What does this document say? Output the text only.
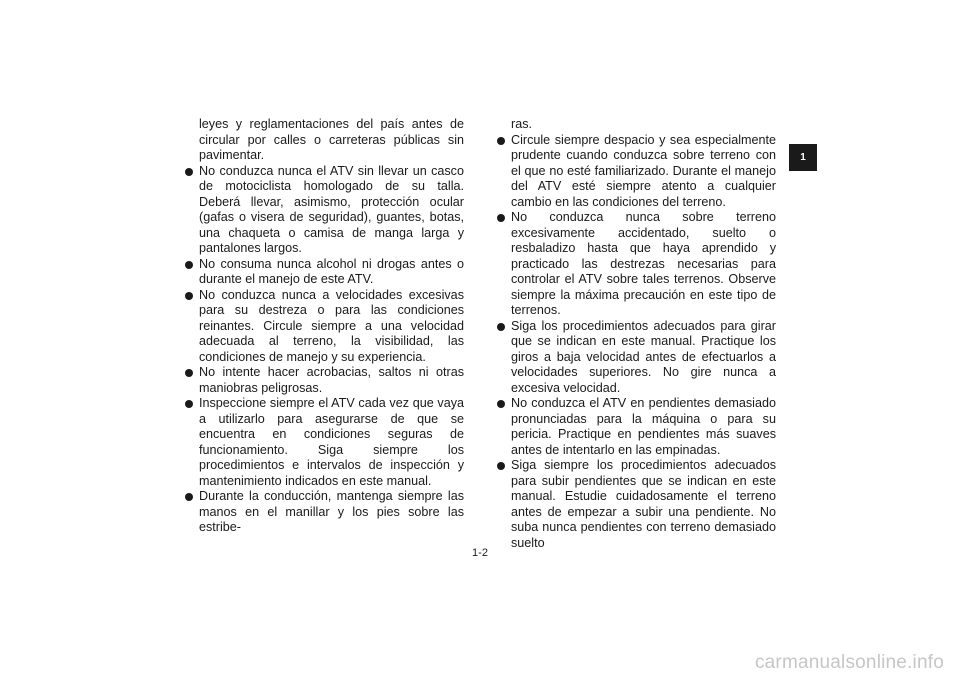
leyes y reglamentaciones del país antes de circular por calles o carreteras públicas sin pavimentar.

No conduzca nunca el ATV sin llevar un casco de motociclista homologado de su talla. Deberá llevar, asimismo, protección ocular (gafas o visera de seguridad), guantes, botas, una chaqueta o camisa de manga larga y pantalones largos.

No consuma nunca alcohol ni drogas antes o durante el manejo de este ATV.

No conduzca nunca a velocidades excesivas para su destreza o para las condiciones reinantes. Circule siempre a una velocidad adecuada al terreno, la visibilidad, las condiciones de manejo y su experiencia.

No intente hacer acrobacias, saltos ni otras maniobras peligrosas.

Inspeccione siempre el ATV cada vez que vaya a utilizarlo para asegurarse de que se encuentra en condiciones seguras de funcionamiento. Siga siempre los procedimientos e intervalos de inspección y mantenimiento indicados en este manual.

Durante la conducción, mantenga siempre las manos en el manillar y los pies sobre las estribe-

ras.

Circule siempre despacio y sea especialmente prudente cuando conduzca sobre terreno con el que no esté familiarizado. Durante el manejo del ATV esté siempre atento a cualquier cambio en las condiciones del terreno.

No conduzca nunca sobre terreno excesivamente accidentado, suelto o resbaladizo hasta que haya aprendido y practicado las destrezas necesarias para controlar el ATV sobre tales terrenos. Observe siempre la máxima precaución en este tipo de terrenos.

Siga los procedimientos adecuados para girar que se indican en este manual. Practique los giros a baja velocidad antes de efectuarlos a velocidades superiores. No gire nunca a excesiva velocidad.

No conduzca el ATV en pendientes demasiado pronunciadas para la máquina o para su pericia. Practique en pendientes más suaves antes de intentarlo en las empinadas.

Siga siempre los procedimientos adecuados para subir pendientes que se indican en este manual. Estudie cuidadosamente el terreno antes de empezar a subir una pendiente. No suba nunca pendientes con terreno demasiado suelto

1-2
1
carmanualsonline.info
